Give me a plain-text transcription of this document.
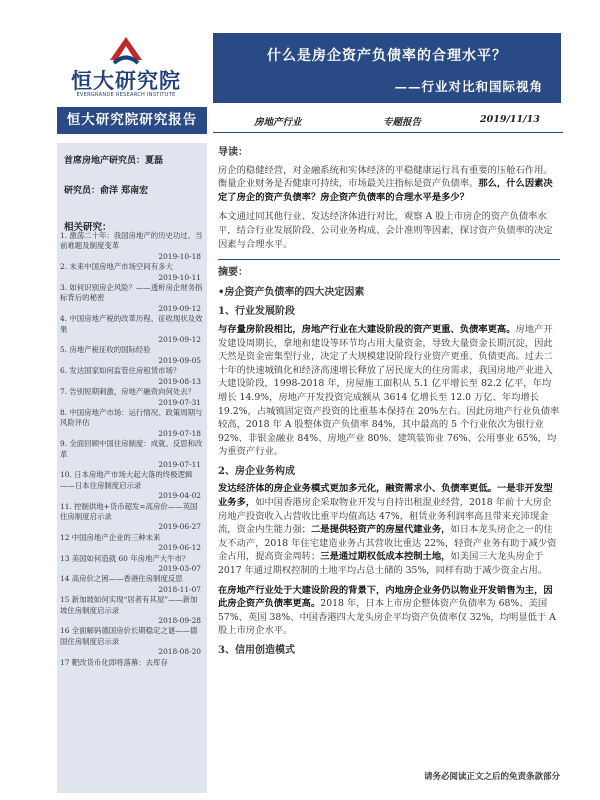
恒大研究院
EVERGRANDE RESEARCH INSTITUTE
什么是房企资产负债率的合理水平？
——行业对比和国际视角
恒大研究院研究报告	房地产行业	专题报告	2019/11/13
首席房地产研究员：夏磊
研究员：俞洋 郑南宏
相关研究：
1. 激荡二十年：我国房地产的历史功过、当前难题及制度变革
2019-10-18
2. 未来中国房地产市场空间有多大
2019-10-11
3. 如何识别房企风险？——透析房企财务指标背后的秘密
2019-09-12
4. 中国房地产税的改革历程、征收现状及效果
2019-09-12
5. 房地产税征收的国际经验
2019-09-05
6. 发达国家如何监管住房租赁市场？
2019-08-13
7. 告别短期刺激，房地产融资向何处去？
2019-07-31
8. 中国房地产市场：运行情况、政策周期与风险评估
2019-07-18
9. 全面回顾中国住房制度：成就、反思和改革
2019-07-11
10. 日本房地产市场大起大落的终极逻辑——日本住房制度启示录
2019-04-02
11. 控制供地+货币超发=高房价——英国住房制度启示录
2019-06-27
12 中国房地产企业的三种未来
2019-06-12
13 美国如何造就 60 年房地产大牛市？
2019-03-07
14 高房价之困——香港住房制度反思
2018-11-07
15 新加坡如何实现“居者有其屋”——新加坡住房制度启示录
2018-09-28
16 全面解码德国房价长期稳定之谜——德国住房制度启示录
2018-08-20
17 靶改货币化即将落幕：去库存
导读：

房企的稳健经营，对金融系统和实体经济的平稳健康运行具有重要的压舱石作用。衡量企业财务是否健康可持续，市场最关注指标是资产负债率。那么，什么因素决定了房企的资产负债率？房企资产负债率的合理水平是多少？

本文通过同其他行业、发达经济体进行对比，观察 A 股上市房企的资产负债率水平，结合行业发展阶段、公司业务构成、会计准则等因素，探讨资产负债率的决定因素与合理水平。

摘要：
•房企资产负债率的四大决定因素
1、行业发展阶段

与存量房阶段相比，房地产行业在大建设阶段的资产更重、负债率更高。房地产开发建设周期长，拿地和建设等环节均占用大量资金，导致大量资金长期沉淀，因此天然是资金密集型行业，决定了大规模建设阶段行业资产更重、负债更高。过去二十年的快速城镇化和经济高速增长释放了居民庞大的住房需求，我国房地产业进入大建设阶段，1998-2018 年，房屋施工面积从 5.1 亿平增长至 82.2 亿平，年均增长 14.9%，房地产开发投资完成额从 3614 亿增长至 12.0 万亿、年均增长 19.2%，占城镇固定资产投资的比重基本保持在 20%左右。因此房地产行业负债率较高，2018 年 A 股整体资产负债率 84%，其中最高的 5 个行业依次为银行业 92%、非银金融业 84%、房地产业 80%、建筑装饰业 76%、公用事业 65%，均为重资产行业。

2、房企业务构成

发达经济体的房企业务模式更加多元化，融资需求小、负债率更低。一是非开发型业务多，如中国香港房企采取物业开发与自持出租混业经营，2018 年前十大房企房地产投资收入占营收比重平均值高达 47%，租赁业务利润率高且带来充沛现金流，资金内生能力强；二是提供轻资产的房屋代建业务，如日本龙头房企之一的住友不动产，2018 年住宅建造业务占其营收比重达 22%，轻资产业务有助于减少资金占用，提高资金周转；三是通过期权低成本控制土地，如美国三大龙头房企于 2017 年通过期权控制的土地平均占总土储的 35%，同样有助于减少资金占用。

在房地产行业处于大建设阶段的背景下，内地房企业务仍以物业开发销售为主，因此房企资产负债率更高。2018 年，日本上市房企整体资产负债率为 68%、美国 57%、英国 38%、中国香港四大龙头房企平均资产负债率仅 32%，均明显低于 A 股上市房企水平。

3、信用创造模式
请务必阅读正文之后的免责条款部分
